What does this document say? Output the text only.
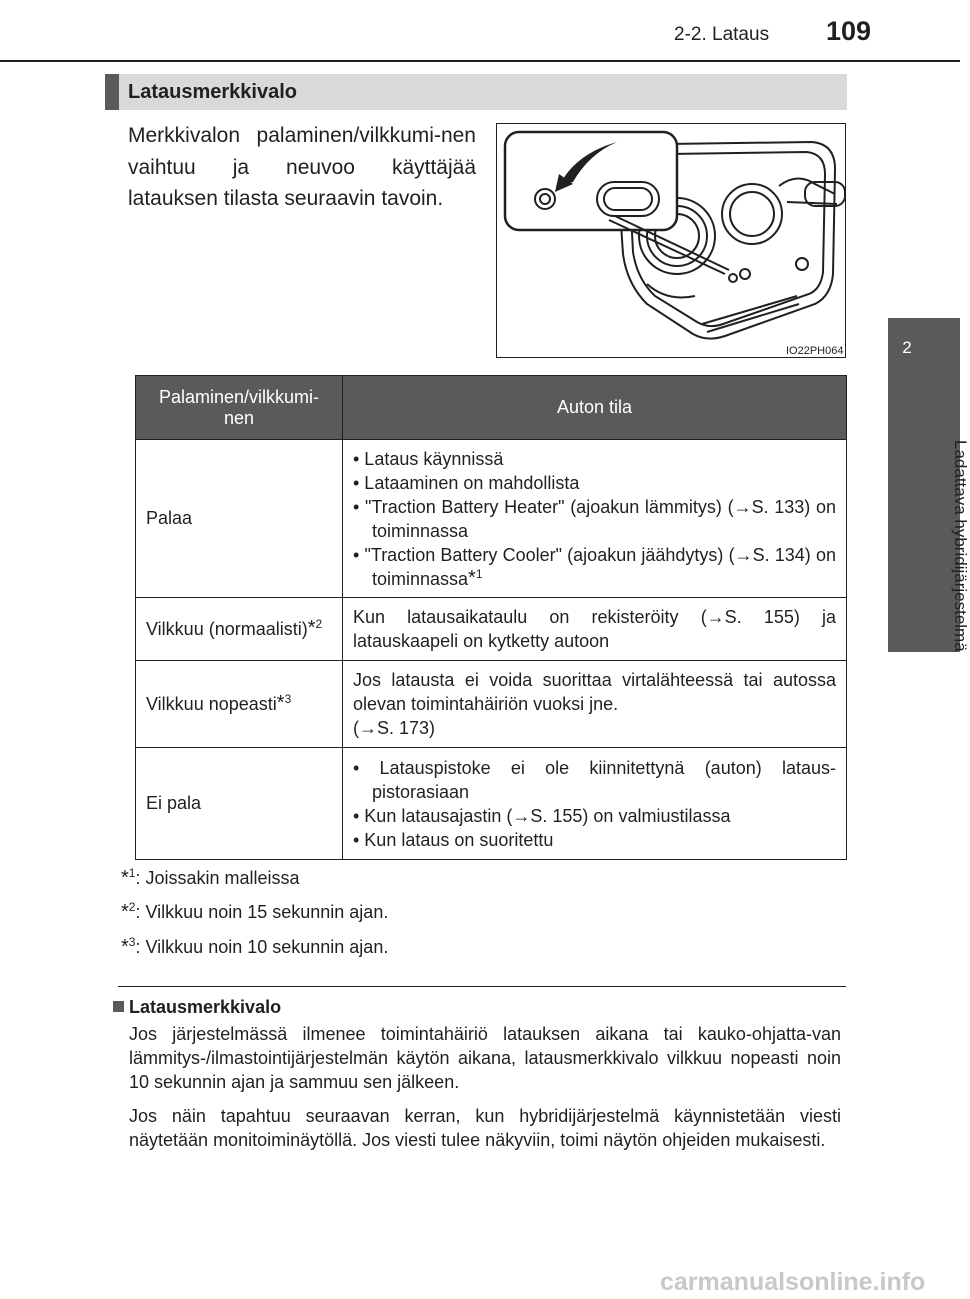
2-2. Lataus 109
2
Ladattava hybridijärjestelmä
Latausmerkkivalo
Merkkivalon palaminen/vilkkumi-nen vaihtuu ja neuvoo käyttäjää latauksen tilasta seuraavin tavoin.
IO22PH064
Palaminen/vilkkumi-nen	Auton tila
Palaa	• Lataus käynnissä
• Lataaminen on mahdollista
• "Traction Battery Heater" (ajoakun lämmitys) (→S. 133) on toiminnassa
• "Traction Battery Cooler" (ajoakun jäähdytys) (→S. 134) on toiminnassa*$^1$

Vilkkuu (normaalisti)*$^2$	Kun latausaikataulu on rekisteröity (→S. 155) ja latauskaapeli on kytketty autoon
Vilkkuu nopeasti*$^3$	Jos latausta ei voida suorittaa virtalähteessä tai autossa olevan toimintahäiriön vuoksi jne.
(→S. 173)
Ei pala	• Latauspistoke ei ole kiinnitettynä (auton) lataus-pistorasiaan
• Kun latausajastin (→S. 155) on valmiustilassa
• Kun lataus on suoritettu
*$^1$: Joissakin malleissa
*$^2$: Vilkkuu noin 15 sekunnin ajan.
*$^3$: Vilkkuu noin 10 sekunnin ajan.
Latausmerkkivalo
Jos järjestelmässä ilmenee toimintahäiriö latauksen aikana tai kauko-ohjatta-van lämmitys-/ilmastointijärjestelmän käytön aikana, latausmerkkivalo vilkkuu nopeasti noin 10 sekunnin ajan ja sammuu sen jälkeen.
Jos näin tapahtuu seuraavan kerran, kun hybridijärjestelmä käynnistetään viesti näytetään monitoiminäytöllä. Jos viesti tulee näkyviin, toimi näytön ohjeiden mukaisesti.
carmanualsonline.info
